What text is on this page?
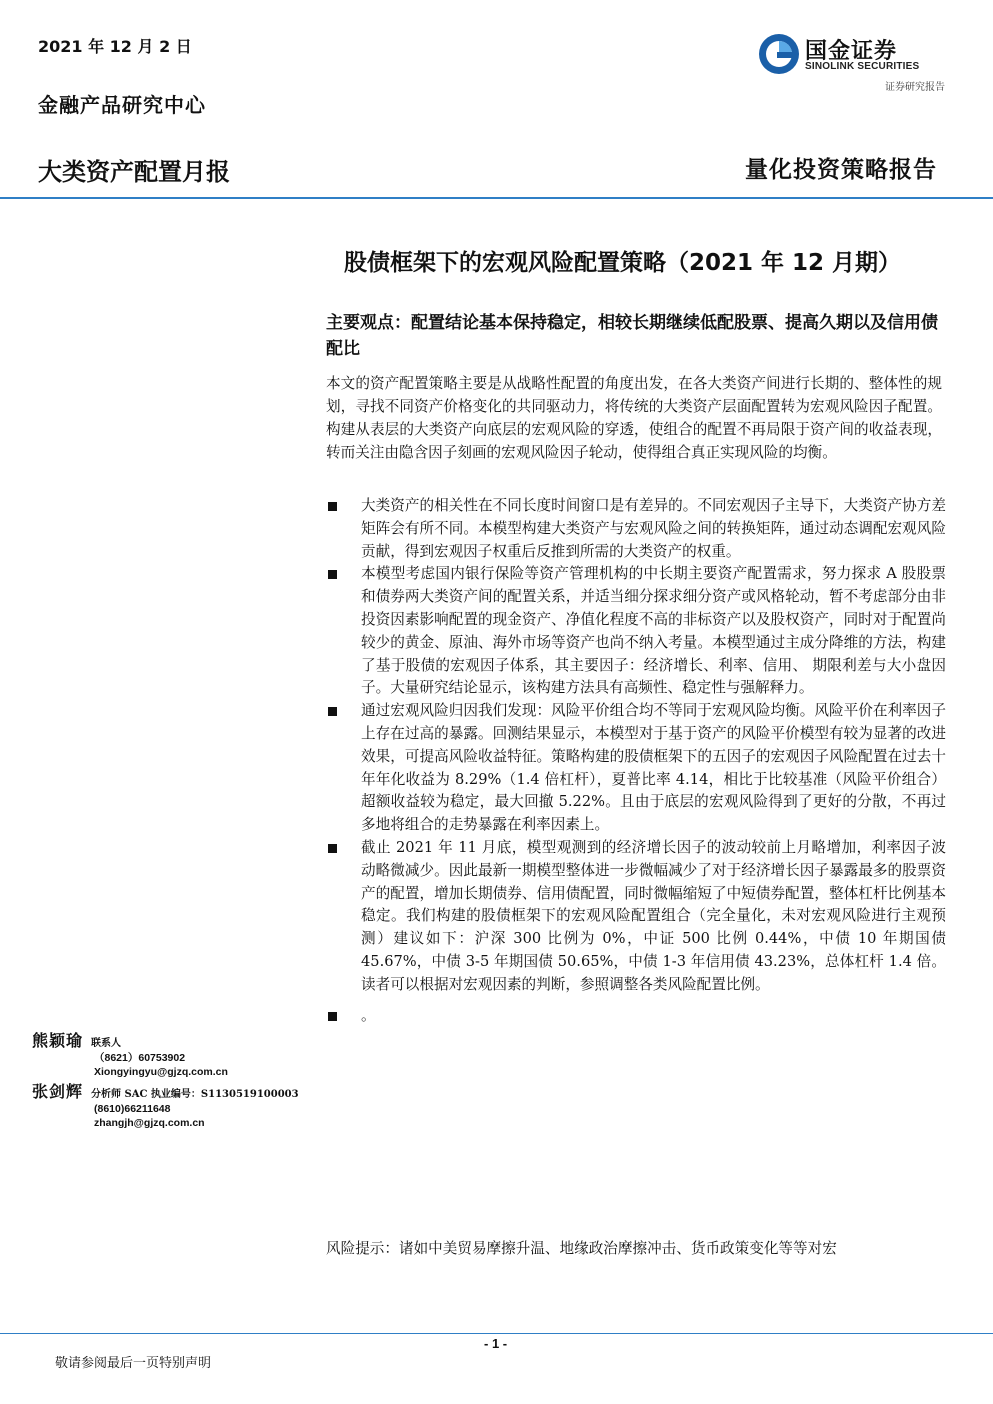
2021 年 12 月 2 日
金融产品研究中心
国金证券
SINOLINK SECURITIES
证券研究报告
大类资产配置月报	量化投资策略报告
股债框架下的宏观风险配置策略（2021 年 12 月期）
主要观点：配置结论基本保持稳定，相较长期继续低配股票、提高久期以及信用债配比
本文的资产配置策略主要是从战略性配置的角度出发，在各大类资产间进行长期的、整体性的规划，寻找不同资产价格变化的共同驱动力，将传统的大类资产层面配置转为宏观风险因子配置。构建从表层的大类资产向底层的宏观风险的穿透，使组合的配置不再局限于资产间的收益表现，转而关注由隐含因子刻画的宏观风险因子轮动，使得组合真正实现风险的均衡。
大类资产的相关性在不同长度时间窗口是有差异的。不同宏观因子主导下，大类资产协方差矩阵会有所不同。本模型构建大类资产与宏观风险之间的转换矩阵，通过动态调配宏观风险贡献，得到宏观因子权重后反推到所需的大类资产的权重。
本模型考虑国内银行保险等资产管理机构的中长期主要资产配置需求，努力探求 A 股股票和债券两大类资产间的配置关系，并适当细分探求细分资产或风格轮动，暂不考虑部分由非投资因素影响配置的现金资产、净值化程度不高的非标资产以及股权资产，同时对于配置尚较少的黄金、原油、海外市场等资产也尚不纳入考量。本模型通过主成分降维的方法，构建了基于股债的宏观因子体系，其主要因子：经济增长、利率、信用、 期限利差与大小盘因子。大量研究结论显示，该构建方法具有高频性、稳定性与强解释力。
通过宏观风险归因我们发现：风险平价组合均不等同于宏观风险均衡。风险平价在利率因子上存在过高的暴露。回测结果显示，本模型对于基于资产的风险平价模型有较为显著的改进效果，可提高风险收益特征。策略构建的股债框架下的五因子的宏观因子风险配置在过去十年年化收益为 8.29%（1.4 倍杠杆），夏普比率 4.14，相比于比较基准（风险平价组合）超额收益较为稳定，最大回撤 5.22%。且由于底层的宏观风险得到了更好的分散，不再过多地将组合的走势暴露在利率因素上。
截止 2021 年 11 月底，模型观测到的经济增长因子的波动较前上月略增加，利率因子波动略微减少。因此最新一期模型整体进一步微幅减少了对于经济增长因子暴露最多的股票资产的配置，增加长期债券、信用债配置，同时微幅缩短了中短债券配置，整体杠杆比例基本稳定。我们构建的股债框架下的宏观风险配置组合（完全量化，未对宏观风险进行主观预测）建议如下：沪深 300 比例为 0%，中证 500 比例 0.44%，中债 10 年期国债 45.67%，中债 3-5 年期国债 50.65%，中债 1-3 年信用债 43.23%，总体杠杆 1.4 倍。读者可以根据对宏观因素的判断，参照调整各类风险配置比例。
。
熊颖瑜 联系人
（8621）60753902
Xiongyingyu@gjzq.com.cn
张剑辉 分析师 SAC 执业编号：S1130519100003
(8610)66211648
zhangjh@gjzq.com.cn
风险提示：诸如中美贸易摩擦升温、地缘政治摩擦冲击、货币政策变化等等对宏
- 1 -
敬请参阅最后一页特别声明
